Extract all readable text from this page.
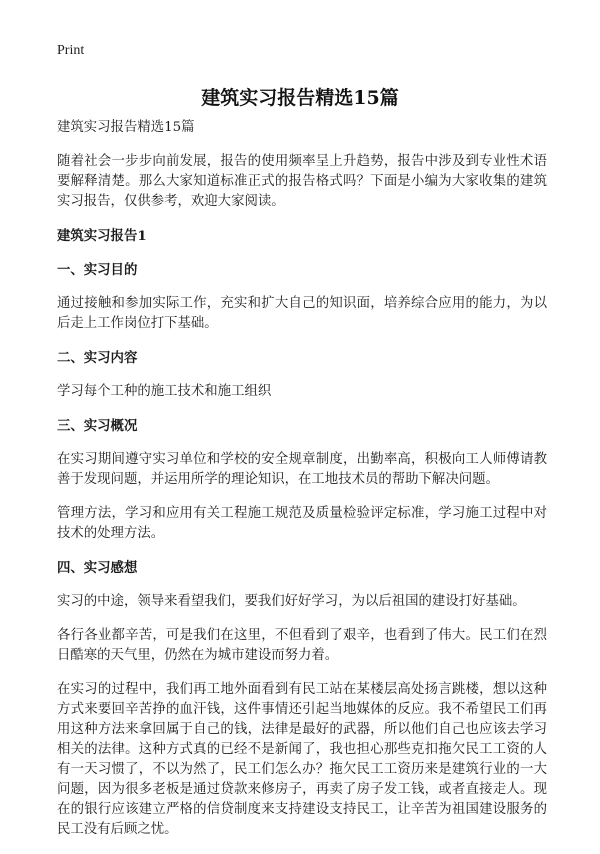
Print
建筑实习报告精选15篇

建筑实习报告精选15篇

随着社会一步步向前发展，报告的使用频率呈上升趋势，报告中涉及到专业性术语要解释清楚。那么大家知道标准正式的报告格式吗？下面是小编为大家收集的建筑实习报告，仅供参考，欢迎大家阅读。

建筑实习报告1

一、实习目的

通过接触和参加实际工作，充实和扩大自己的知识面，培养综合应用的能力，为以后走上工作岗位打下基础。

二、实习内容

学习每个工种的施工技术和施工组织

三、实习概况

在实习期间遵守实习单位和学校的安全规章制度，出勤率高，积极向工人师傅请教善于发现问题，并运用所学的理论知识，在工地技术员的帮助下解决问题。

管理方法，学习和应用有关工程施工规范及质量检验评定标准，学习施工过程中对技术的处理方法。

四、实习感想

实习的中途，领导来看望我们，要我们好好学习，为以后祖国的建设打好基础。

各行各业都辛苦，可是我们在这里，不但看到了艰辛，也看到了伟大。民工们在烈日酷寒的天气里，仍然在为城市建设而努力着。

在实习的过程中，我们再工地外面看到有民工站在某楼层高处扬言跳楼，想以这种方式来要回辛苦挣的血汗钱，这件事情还引起当地媒体的反应。我不希望民工们再用这种方法来拿回属于自己的钱，法律是最好的武器，所以他们自己也应该去学习相关的法律。这种方式真的已经不是新闻了，我也担心那些克扣拖欠民工工资的人有一天习惯了，不以为然了，民工们怎么办？拖欠民工工资历来是建筑行业的一大问题，因为很多老板是通过贷款来修房子，再卖了房子发工钱，或者直接走人。现在的银行应该建立严格的信贷制度来支持建设支持民工，让辛苦为祖国建设服务的民工没有后顾之忧。
